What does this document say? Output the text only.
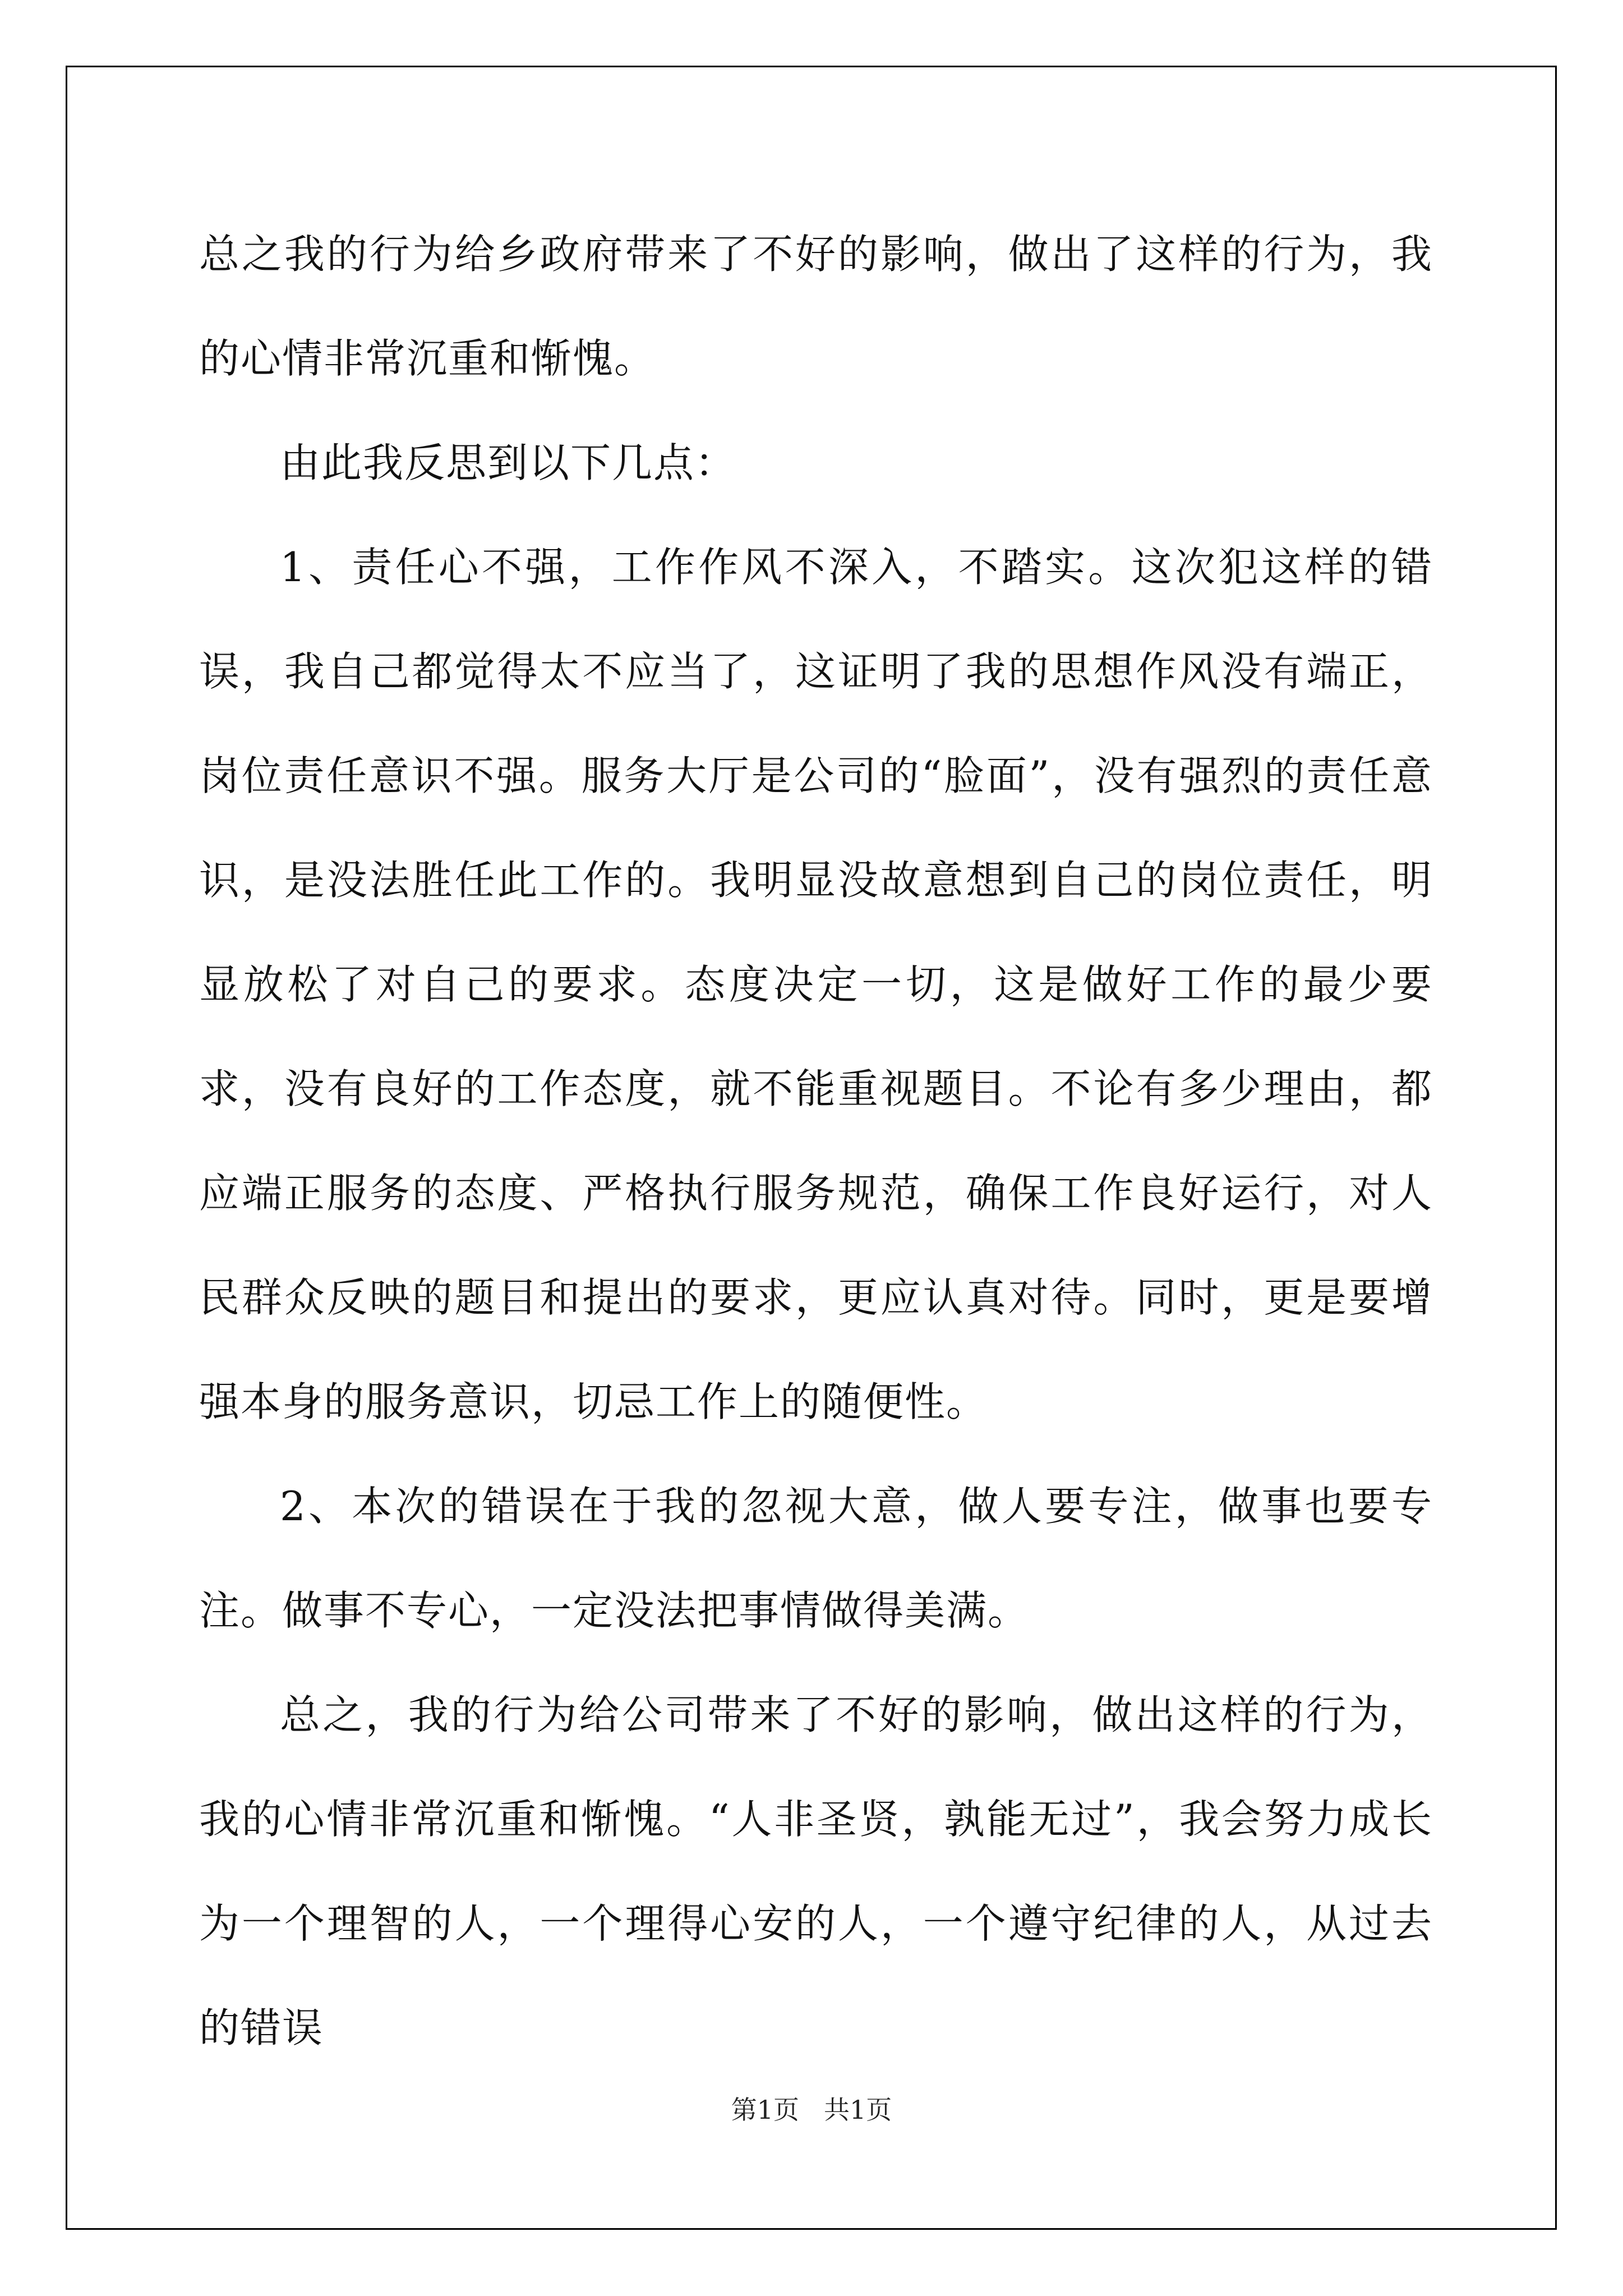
总之我的行为给乡政府带来了不好的影响，做出了这样的行为，我的心情非常沉重和惭愧。

由此我反思到以下几点：

1、责任心不强，工作作风不深入，不踏实。这次犯这样的错误，我自己都觉得太不应当了，这证明了我的思想作风没有端正，岗位责任意识不强。服务大厅是公司的“脸面”，没有强烈的责任意识，是没法胜任此工作的。我明显没故意想到自己的岗位责任，明显放松了对自己的要求。态度决定一切，这是做好工作的最少要求，没有良好的工作态度，就不能重视题目。不论有多少理由，都应端正服务的态度、严格执行服务规范，确保工作良好运行，对人民群众反映的题目和提出的要求，更应认真对待。同时，更是要增强本身的服务意识，切忌工作上的随便性。

2、本次的错误在于我的忽视大意，做人要专注，做事也要专注。做事不专心，一定没法把事情做得美满。

总之，我的行为给公司带来了不好的影响，做出这样的行为，我的心情非常沉重和惭愧。“人非圣贤，孰能无过”，我会努力成长为一个理智的人，一个理得心安的人，一个遵守纪律的人，从过去的错误

第1页 共1页
